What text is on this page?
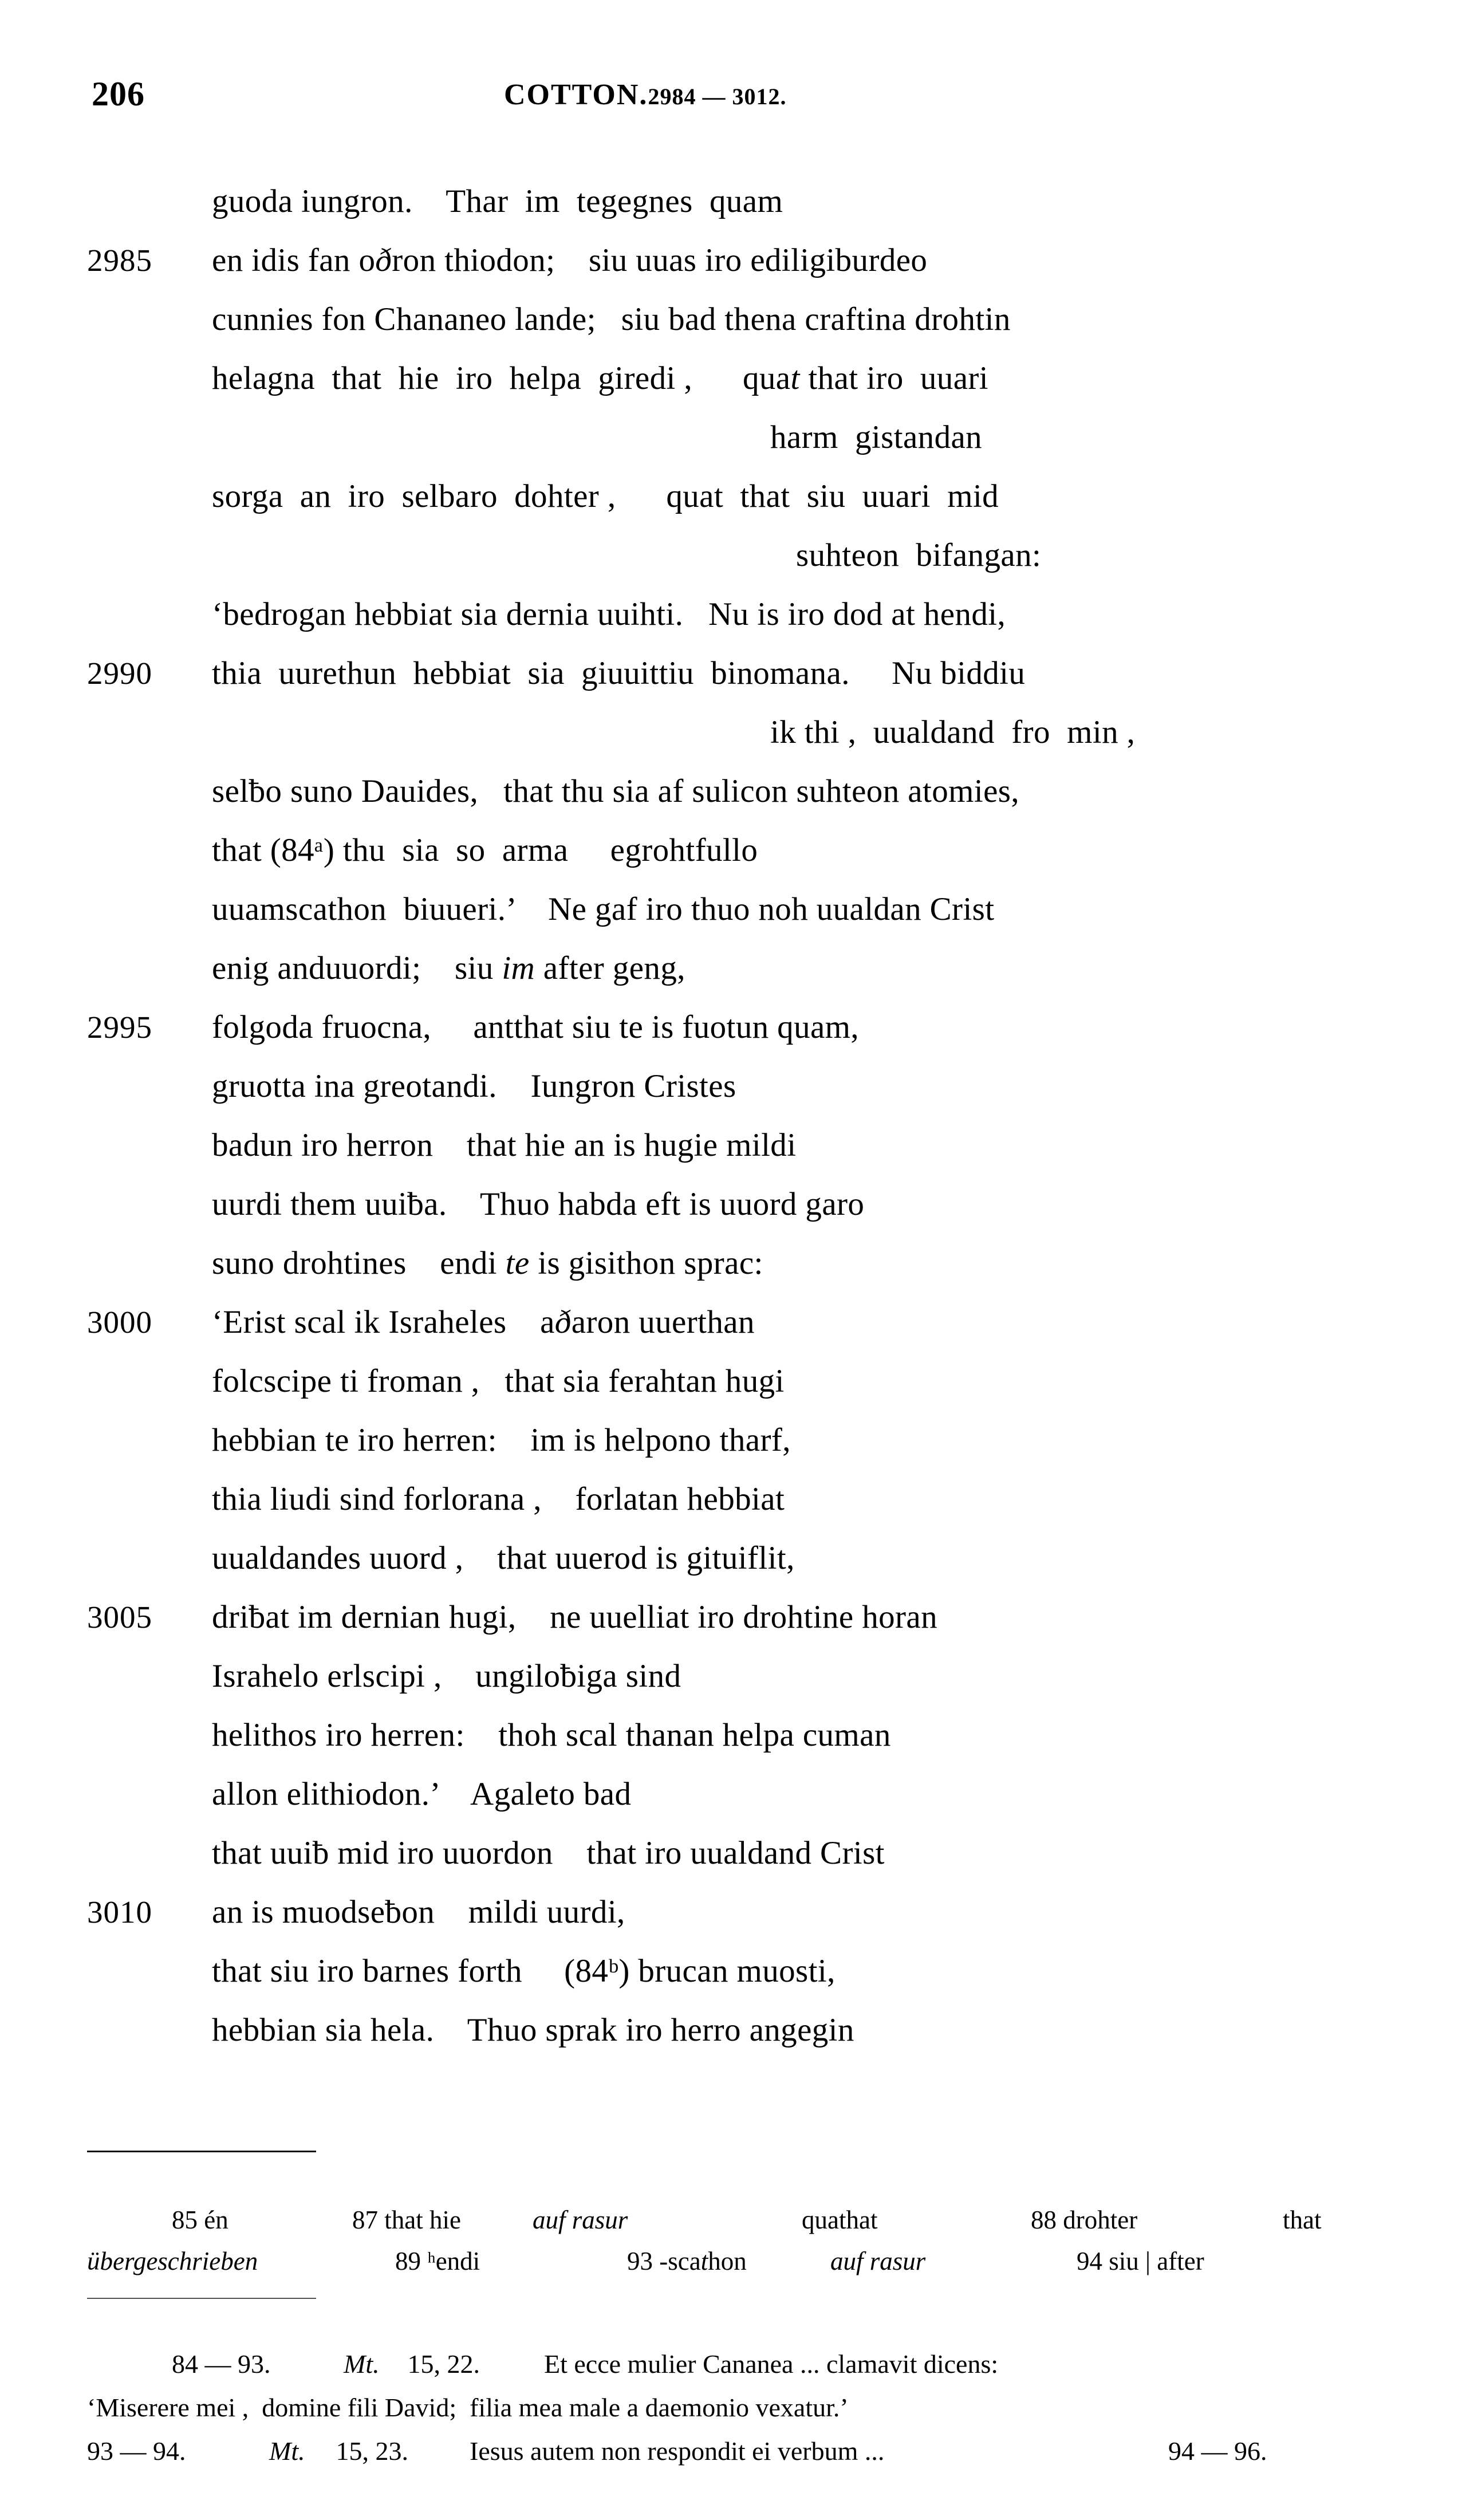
206	COTTON.2984 — 3012.
guoda iungron.    Thar  im  tegegnes  quam
2985	en idis fan oðron thiodon;    siu uuas iro ediligiburdeo
cunnies fon Chananeo lande;   siu bad thena craftina drohtin
helagna  that  hie  iro  helpa  giredi ,      quat that iro  uuari
harm  gistandan
sorga  an  iro  selbaro  dohter ,      quat  that  siu  uuari  mid
suhteon  bifangan:
‘bedrogan hebbiat sia dernia uuihti.   Nu is iro dod at hendi,
2990	thia  uurethun  hebbiat  sia  giuuittiu  binomana.     Nu biddiu
ik thi ,  uualdand  fro  min ,
selƀo suno Dauides,   that thu sia af sulicon suhteon atomies,
that (84ᵃ) thu  sia  so  arma     egrohtfullo
uuamscathon  biuueri.’    Ne gaf iro thuo noh uualdan Crist
enig anduuordi;    siu im after geng,
2995	folgoda fruocna,     antthat siu te is fuotun quam,
gruotta ina greotandi.    Iungron Cristes
badun iro herron    that hie an is hugie mildi
uurdi them uuiƀa.    Thuo habda eft is uuord garo
suno drohtines    endi te is gisithon sprac:
3000	‘Erist scal ik Israheles    aðaron uuerthan
folcscipe ti froman ,   that sia ferahtan hugi
hebbian te iro herren:    im is helpono tharf,
thia liudi sind forlorana ,    forlatan hebbiat
uualdandes uuord ,    that uuerod is gituiflit,
3005	driƀat im dernian hugi,    ne uuelliat iro drohtine horan
Israhelo erlscipi ,    ungiloƀiga sind
helithos iro herren:    thoh scal thanan helpa cuman
allon elithiodon.’    Agaleto bad
that uuiƀ mid iro uuordon    that iro uualdand Crist
3010	an is muodseƀon    mildi uurdi,
that siu iro barnes forth     (84ᵇ) brucan muosti,
hebbian sia hela.    Thuo sprak iro herro angegin
85 én	87 that hie	auf rasur	quathat	88 drohter	that
übergeschrieben	89 ʰendi	93 -scathon	auf rasur	94 siu | after
84 — 93.	Mt. 15, 22. Et ecce mulier Cananea ... clamavit dicens:
‘Miserere mei ,  domine fili David;  filia mea male a daemonio vexatur.’
93 — 94.	Mt. 15, 23. Iesus autem non respondit ei verbum ...	94 — 96.
